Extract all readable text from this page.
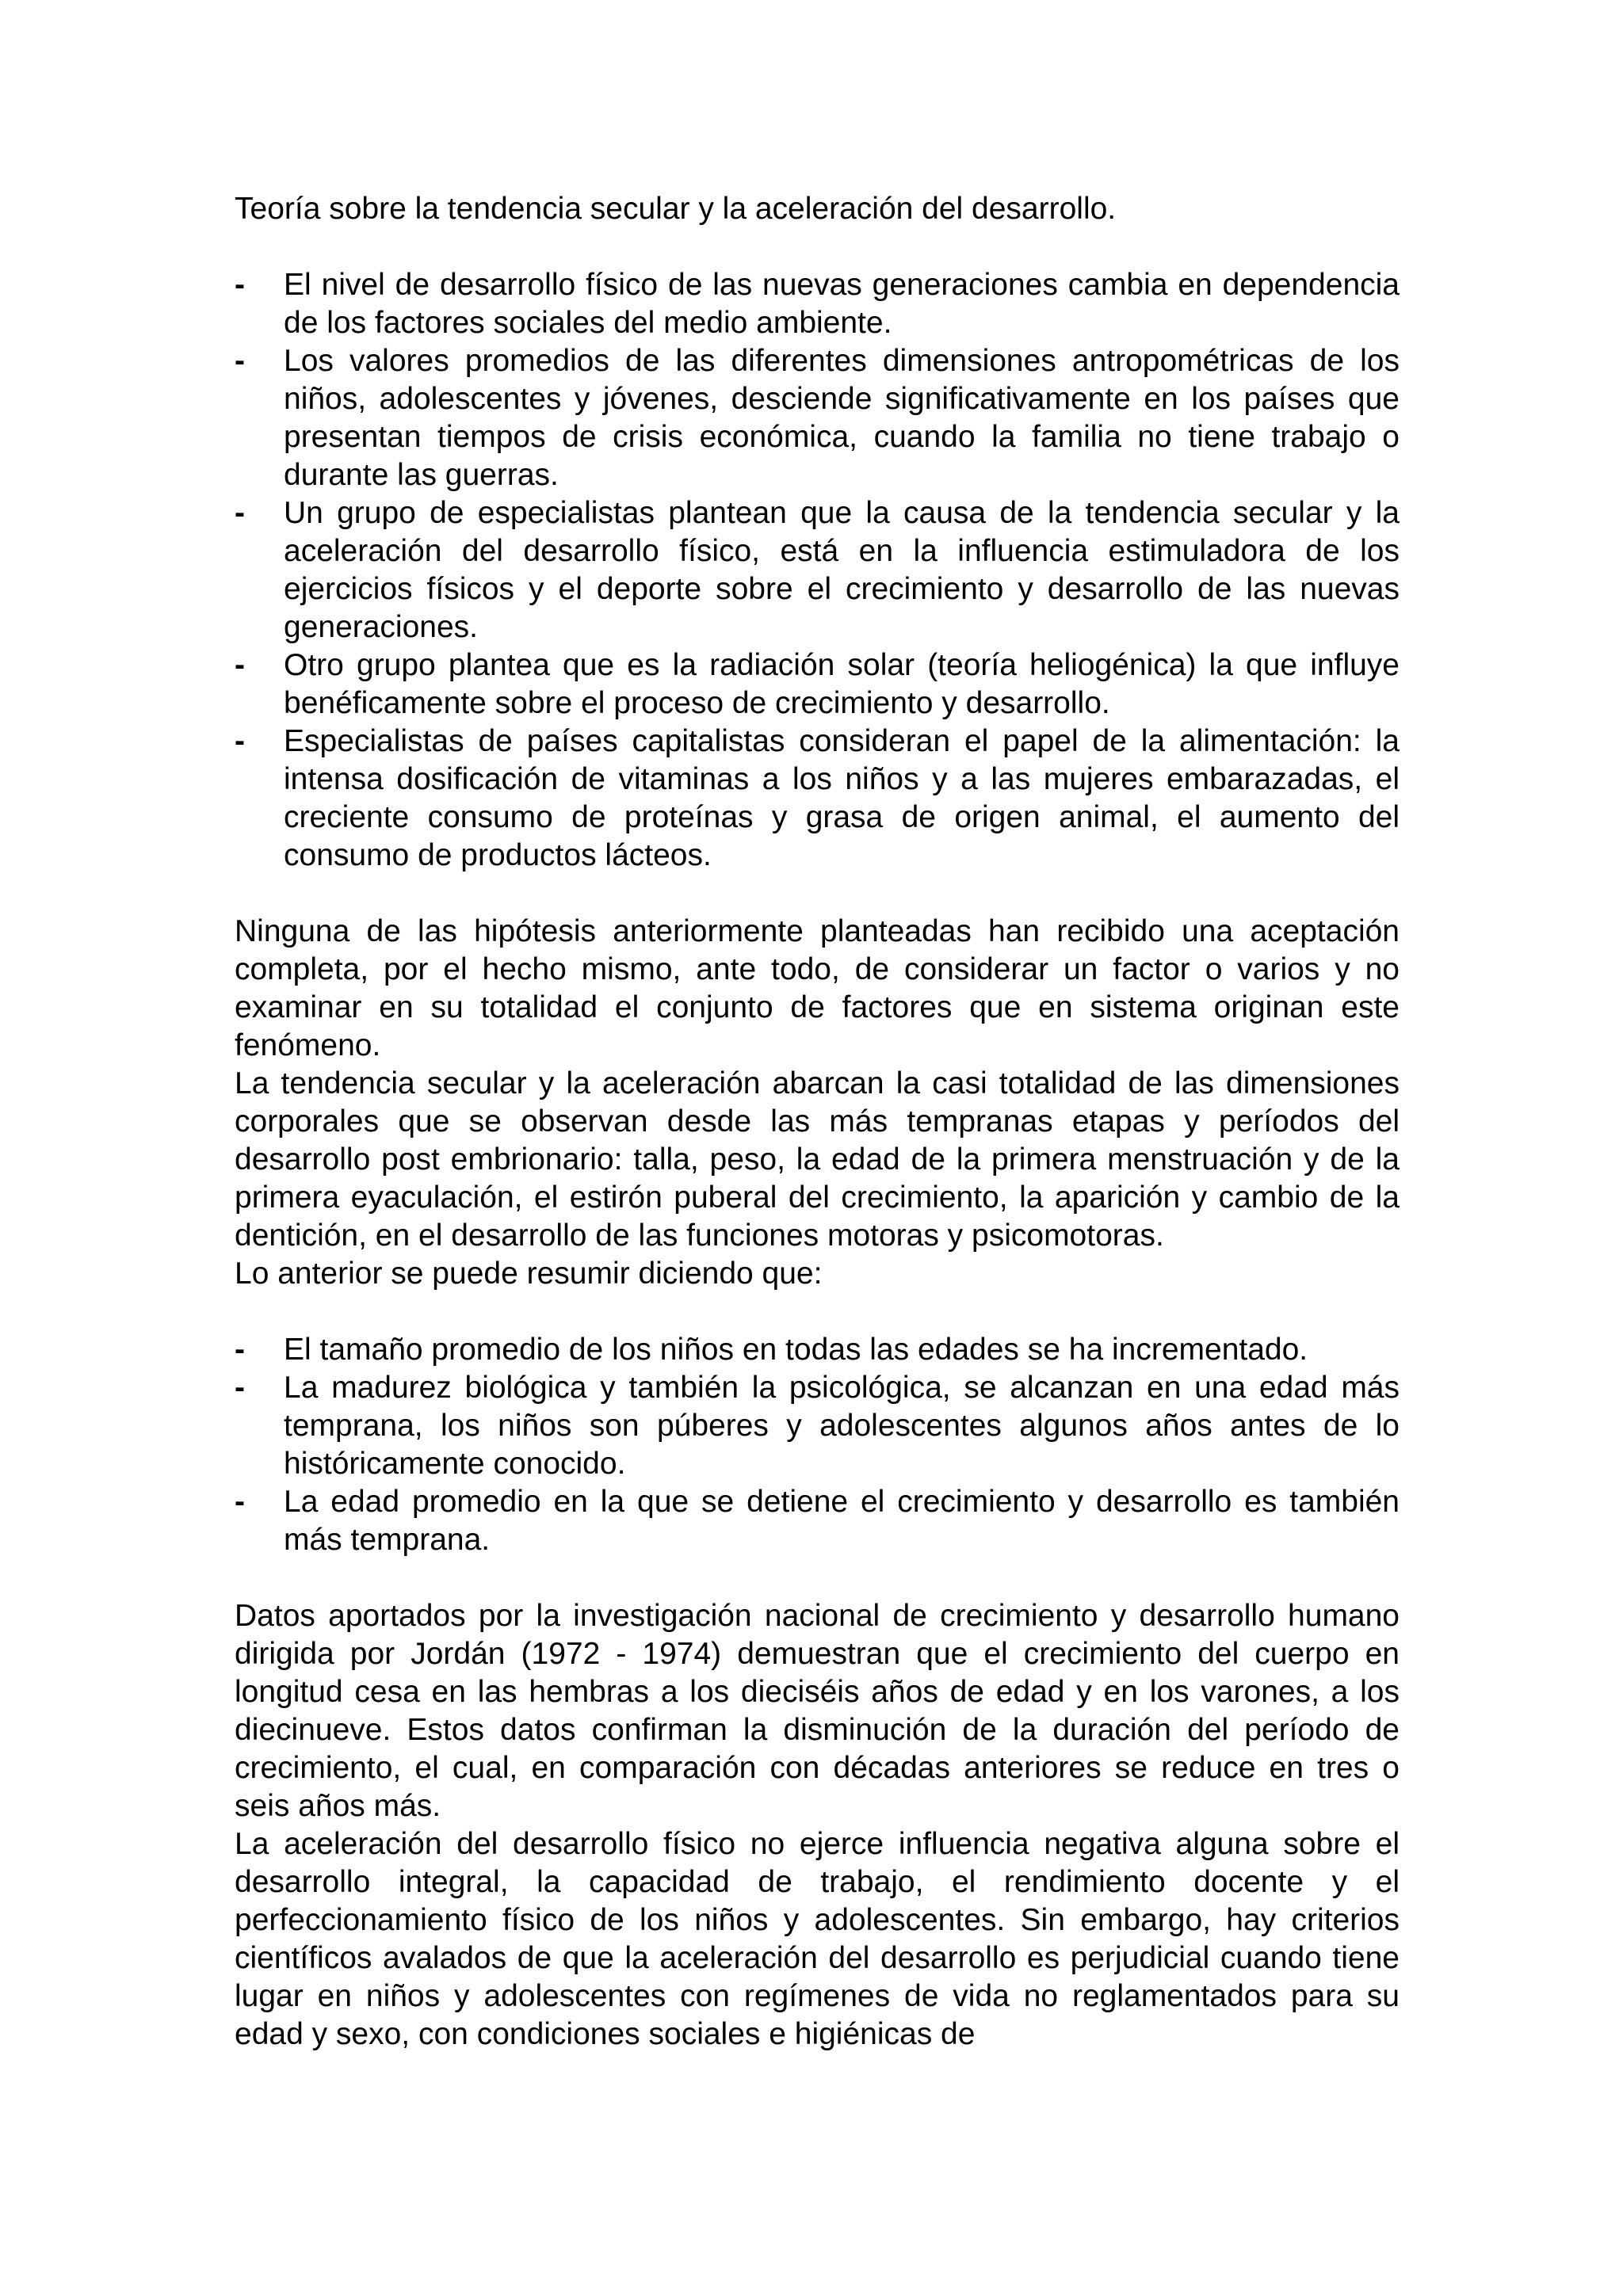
Teoría sobre la tendencia secular y la aceleración del desarrollo.

- El nivel de desarrollo físico de las nuevas generaciones cambia en dependencia de los factores sociales del medio ambiente.
- Los valores promedios de las diferentes dimensiones antropométricas de los niños, adolescentes y jóvenes, desciende significativamente en los países que presentan tiempos de crisis económica, cuando la familia no tiene trabajo o durante las guerras.
- Un grupo de especialistas plantean que la causa de la tendencia secular y la aceleración del desarrollo físico, está en la influencia estimuladora de los ejercicios físicos y el deporte sobre el crecimiento y desarrollo de las nuevas generaciones.
- Otro grupo plantea que es la radiación solar (teoría heliogénica) la que influye benéficamente sobre el proceso de crecimiento y desarrollo.
- Especialistas de países capitalistas consideran el papel de la alimentación: la intensa dosificación de vitaminas a los niños y a las mujeres embarazadas, el creciente consumo de proteínas y grasa de origen animal, el aumento del consumo de productos lácteos.

Ninguna de las hipótesis anteriormente planteadas han recibido una aceptación completa, por el hecho mismo, ante todo, de considerar un factor o varios y no examinar en su totalidad el conjunto de factores que en sistema originan este fenómeno.

La tendencia secular y la aceleración abarcan la casi totalidad de las dimensiones corporales que se observan desde las más tempranas etapas y períodos del desarrollo post embrionario: talla, peso, la edad de la primera menstruación y de la primera eyaculación, el estirón puberal del crecimiento, la aparición y cambio de la dentición, en el desarrollo de las funciones motoras y psicomotoras.

Lo anterior se puede resumir diciendo que:

- El tamaño promedio de los niños en todas las edades se ha incrementado.
- La madurez biológica y también la psicológica, se alcanzan en una edad más temprana, los niños son púberes y adolescentes algunos años antes de lo históricamente conocido.
- La edad promedio en la que se detiene el crecimiento y desarrollo es también más temprana.

Datos aportados por la investigación nacional de crecimiento y desarrollo humano dirigida por Jordán (1972 - 1974) demuestran que el crecimiento del cuerpo en longitud cesa en las hembras a los dieciséis años de edad y en los varones, a los diecinueve. Estos datos confirman la disminución de la duración del período de crecimiento, el cual, en comparación con décadas anteriores se reduce en tres o seis años más.

La aceleración del desarrollo físico no ejerce influencia negativa alguna sobre el desarrollo integral, la capacidad de trabajo, el rendimiento docente y el perfeccionamiento físico de los niños y adolescentes. Sin embargo, hay criterios científicos avalados de que la aceleración del desarrollo es perjudicial cuando tiene lugar en niños y adolescentes con regímenes de vida no reglamentados para su edad y sexo, con condiciones sociales e higiénicas de
